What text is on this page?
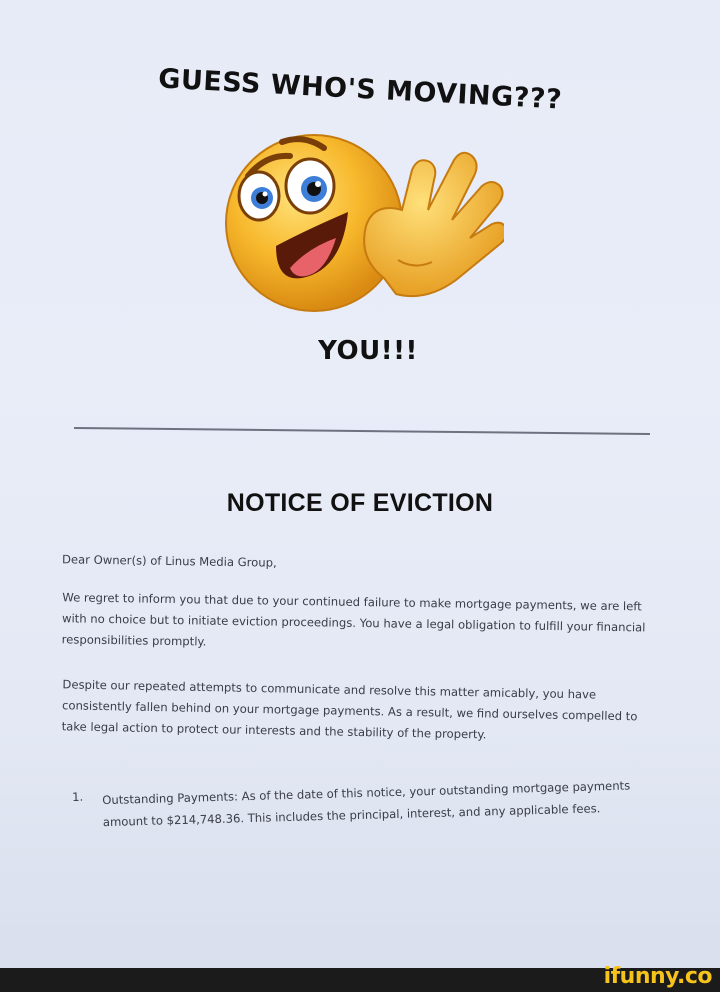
GUESS WHO'S MOVING???
YOU!!!
NOTICE OF EVICTION
Dear Owner(s) of Linus Media Group,
We regret to inform you that due to your continued failure to make mortgage payments, we are left with no choice but to initiate eviction proceedings. You have a legal obligation to fulfill your financial responsibilities promptly.
Despite our repeated attempts to communicate and resolve this matter amicably, you have consistently fallen behind on your mortgage payments. As a result, we find ourselves compelled to take legal action to protect our interests and the stability of the property.
1. Outstanding Payments: As of the date of this notice, your outstanding mortgage payments amount to $214,748.36. This includes the principal, interest, and any applicable fees.
ifunny.co
